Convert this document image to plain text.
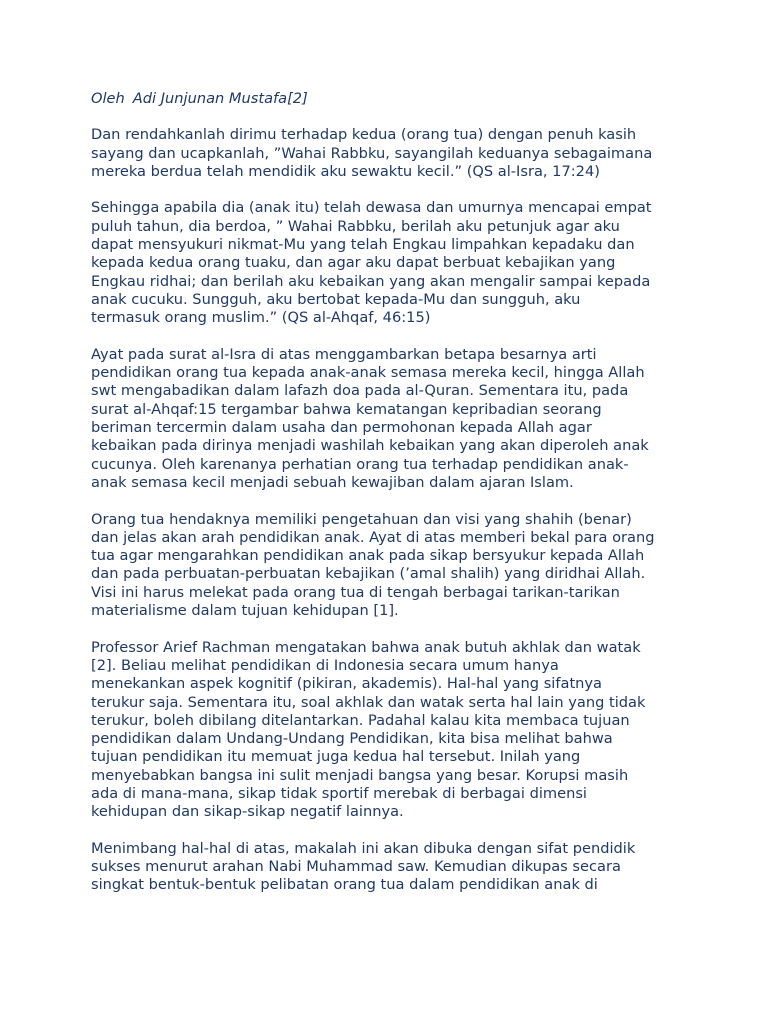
Oleh Adi Junjunan Mustafa[2]
Dan rendahkanlah dirimu terhadap kedua (orang tua) dengan penuh kasih
sayang dan ucapkanlah, ”Wahai Rabbku, sayangilah keduanya sebagaimana
mereka berdua telah mendidik aku sewaktu kecil.” (QS al-Isra, 17:24)
Sehingga apabila dia (anak itu) telah dewasa dan umurnya mencapai empat
puluh tahun, dia berdoa, ” Wahai Rabbku, berilah aku petunjuk agar aku
dapat mensyukuri nikmat-Mu yang telah Engkau limpahkan kepadaku dan
kepada kedua orang tuaku, dan agar aku dapat berbuat kebajikan yang
Engkau ridhai; dan berilah aku kebaikan yang akan mengalir sampai kepada
anak cucuku. Sungguh, aku bertobat kepada-Mu dan sungguh, aku
termasuk orang muslim.” (QS al-Ahqaf, 46:15)
Ayat pada surat al-Isra di atas menggambarkan betapa besarnya arti
pendidikan orang tua kepada anak-anak semasa mereka kecil, hingga Allah
swt mengabadikan dalam lafazh doa pada al-Quran. Sementara itu, pada
surat al-Ahqaf:15 tergambar bahwa kematangan kepribadian seorang
beriman tercermin dalam usaha dan permohonan kepada Allah agar
kebaikan pada dirinya menjadi washilah kebaikan yang akan diperoleh anak
cucunya. Oleh karenanya perhatian orang tua terhadap pendidikan anak-
anak semasa kecil menjadi sebuah kewajiban dalam ajaran Islam.
Orang tua hendaknya memiliki pengetahuan dan visi yang shahih (benar)
dan jelas akan arah pendidikan anak. Ayat di atas memberi bekal para orang
tua agar mengarahkan pendidikan anak pada sikap bersyukur kepada Allah
dan pada perbuatan-perbuatan kebajikan (’amal shalih) yang diridhai Allah.
Visi ini harus melekat pada orang tua di tengah berbagai tarikan-tarikan
materialisme dalam tujuan kehidupan [1].
Professor Arief Rachman mengatakan bahwa anak butuh akhlak dan watak
[2]. Beliau melihat pendidikan di Indonesia secara umum hanya
menekankan aspek kognitif (pikiran, akademis). Hal-hal yang sifatnya
terukur saja. Sementara itu, soal akhlak dan watak serta hal lain yang tidak
terukur, boleh dibilang ditelantarkan. Padahal kalau kita membaca tujuan
pendidikan dalam Undang-Undang Pendidikan, kita bisa melihat bahwa
tujuan pendidikan itu memuat juga kedua hal tersebut. Inilah yang
menyebabkan bangsa ini sulit menjadi bangsa yang besar. Korupsi masih
ada di mana-mana, sikap tidak sportif merebak di berbagai dimensi
kehidupan dan sikap-sikap negatif lainnya.
Menimbang hal-hal di atas, makalah ini akan dibuka dengan sifat pendidik
sukses menurut arahan Nabi Muhammad saw. Kemudian dikupas secara
singkat bentuk-bentuk pelibatan orang tua dalam pendidikan anak di
